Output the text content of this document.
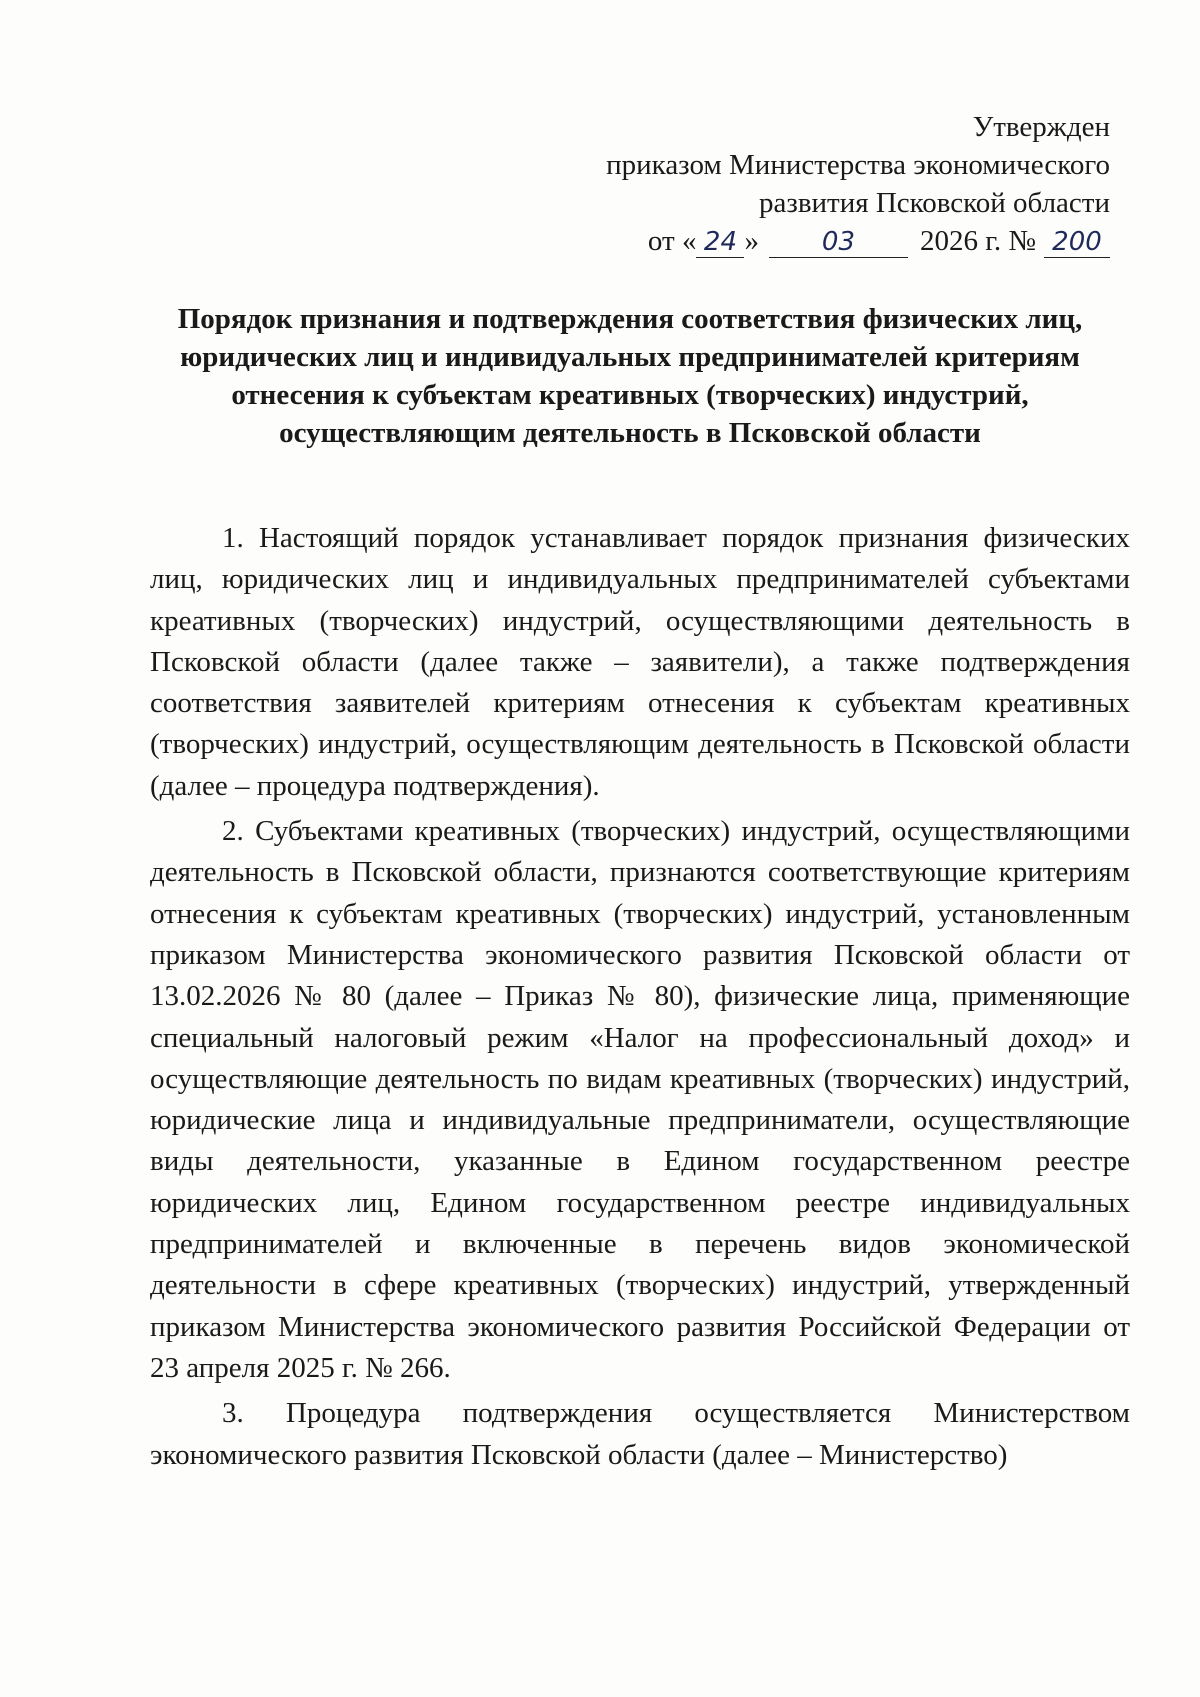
Утвержден
приказом Министерства экономического
развития Псковской области
от « 24 »	03	2026 г. № 200
Порядок признания и подтверждения соответствия физических лиц,
юридических лиц и индивидуальных предпринимателей критериям
отнесения к субъектам креативных (творческих) индустрий,
осуществляющим деятельность в Псковской области

1. Настоящий порядок устанавливает порядок признания физических лиц, юридических лиц и индивидуальных предпринимателей субъектами креативных (творческих) индустрий, осуществляющими деятельность в Псковской области (далее также – заявители), а также подтверждения соответствия заявителей критериям отнесения к субъектам креативных (творческих) индустрий, осуществляющим деятельность в Псковской области (далее – процедура подтверждения).

2. Субъектами креативных (творческих) индустрий, осуществляющими деятельность в Псковской области, признаются соответствующие критериям отнесения к субъектам креативных (творческих) индустрий, установленным приказом Министерства экономического развития Псковской области от 13.02.2026 № 80 (далее – Приказ № 80), физические лица, применяющие специальный налоговый режим «Налог на профессиональный доход» и осуществляющие деятельность по видам креативных (творческих) индустрий, юридические лица и индивидуальные предприниматели, осуществляющие виды деятельности, указанные в Едином государственном реестре юридических лиц, Едином государственном реестре индивидуальных предпринимателей и включенные в перечень видов экономической деятельности в сфере креативных (творческих) индустрий, утвержденный приказом Министерства экономического развития Российской Федерации от 23 апреля 2025 г. № 266.

3. Процедура подтверждения осуществляется Министерством экономического развития Псковской области (далее – Министерство)
